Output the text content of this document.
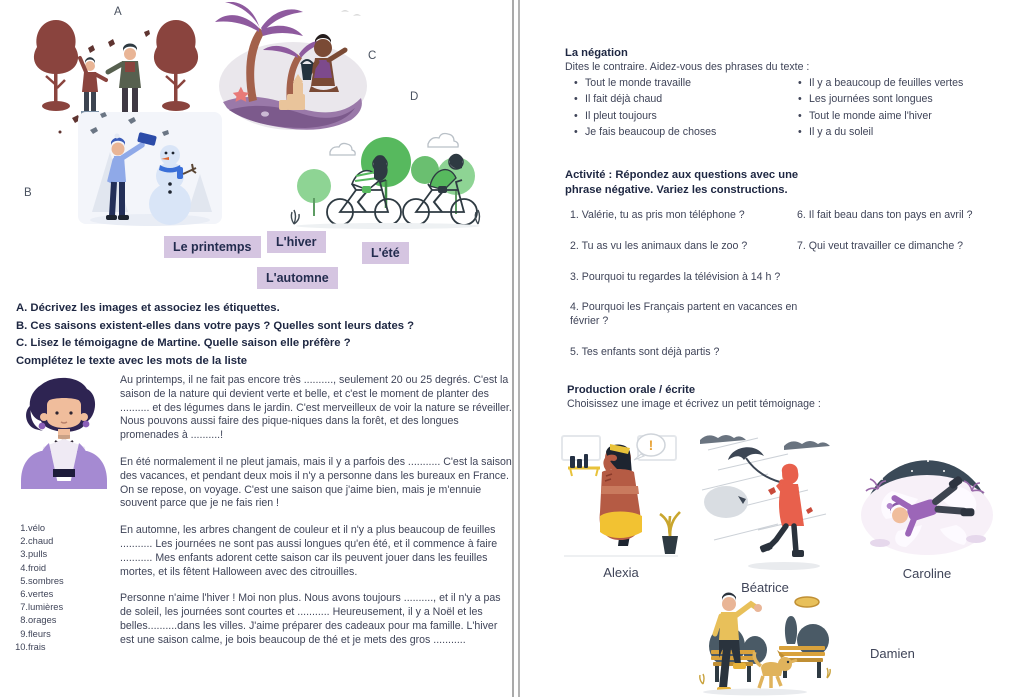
A
B
C
D
Le printemps	L'hiver
L'automne
L'été
A. Décrivez les images et associez les étiquettes.
B. Ces saisons existent-elles dans votre pays ? Quelles sont leurs dates ?
C. Lisez le témoigagne de Martine. Quelle saison elle préfère ?
Complétez le texte avec les mots de la liste

Au printemps, il ne fait pas encore très .........., seulement 20 ou 25 degrés. C'est la saison de la nature qui devient verte et belle, et c'est le moment de planter des .......... et des légumes dans le jardin. C'est merveilleux de voir la nature se réveiller. Nous pouvons aussi faire des pique-niques dans la forêt, et des longues promenades à ..........!

En été normalement il ne pleut jamais, mais il y a parfois des ........... C'est la saison des vacances, et pendant deux mois il n'y a personne dans les bureaux en France. On se repose, on voyage. C'est une saison que j'aime bien, mais je m'ennuie souvent parce que je ne fais rien !

En automne, les arbres changent de couleur et il n'y a plus beaucoup de feuilles ........... Les journées ne sont pas aussi longues qu'en été, et il commence à faire ........... Mes enfants adorent cette saison car ils peuvent jouer dans les feuilles mortes, et ils fêtent Halloween avec des citrouilles.

Personne n'aime l'hiver ! Moi non plus. Nous avons toujours .........., et il n'y a pas de soleil, les journées sont courtes et ........... Heureusement, il y a Noël et les belles..........dans les villes. J'aime préparer des cadeaux pour ma famille. L'hiver est une saison calme, je bois beaucoup de thé et je mets des gros ...........

1. vélo
2. chaud
3. pulls
4. froid
5. sombres
6. vertes
7. lumières
8. orages
9. fleurs
10. frais
La négation
Dites le contraire. Aidez-vous des phrases du texte :
• Tout le monde travaille
• Il fait déjà chaud
• Il pleut toujours
• Je fais beaucoup de choses
• Il y a beaucoup de feuilles vertes
• Les journées sont longues
• Tout le monde aime l'hiver
• Il y a du soleil
Activité : Répondez aux questions avec une phrase négative. Variez les constructions.
1. Valérie, tu as pris mon téléphone ?
2. Tu as vu les animaux dans le zoo ?
3. Pourquoi tu regardes la télévision à 14 h ?
4. Pourquoi les Français partent en vacances en février ?
5. Tes enfants sont déjà partis ?
6. Il fait beau dans ton pays en avril ?
7. Qui veut travailler ce dimanche ?
Production orale / écrite
Choisissez une image et écrivez un petit témoignage :
!
Alexia
Béatrice
Caroline
Damien
